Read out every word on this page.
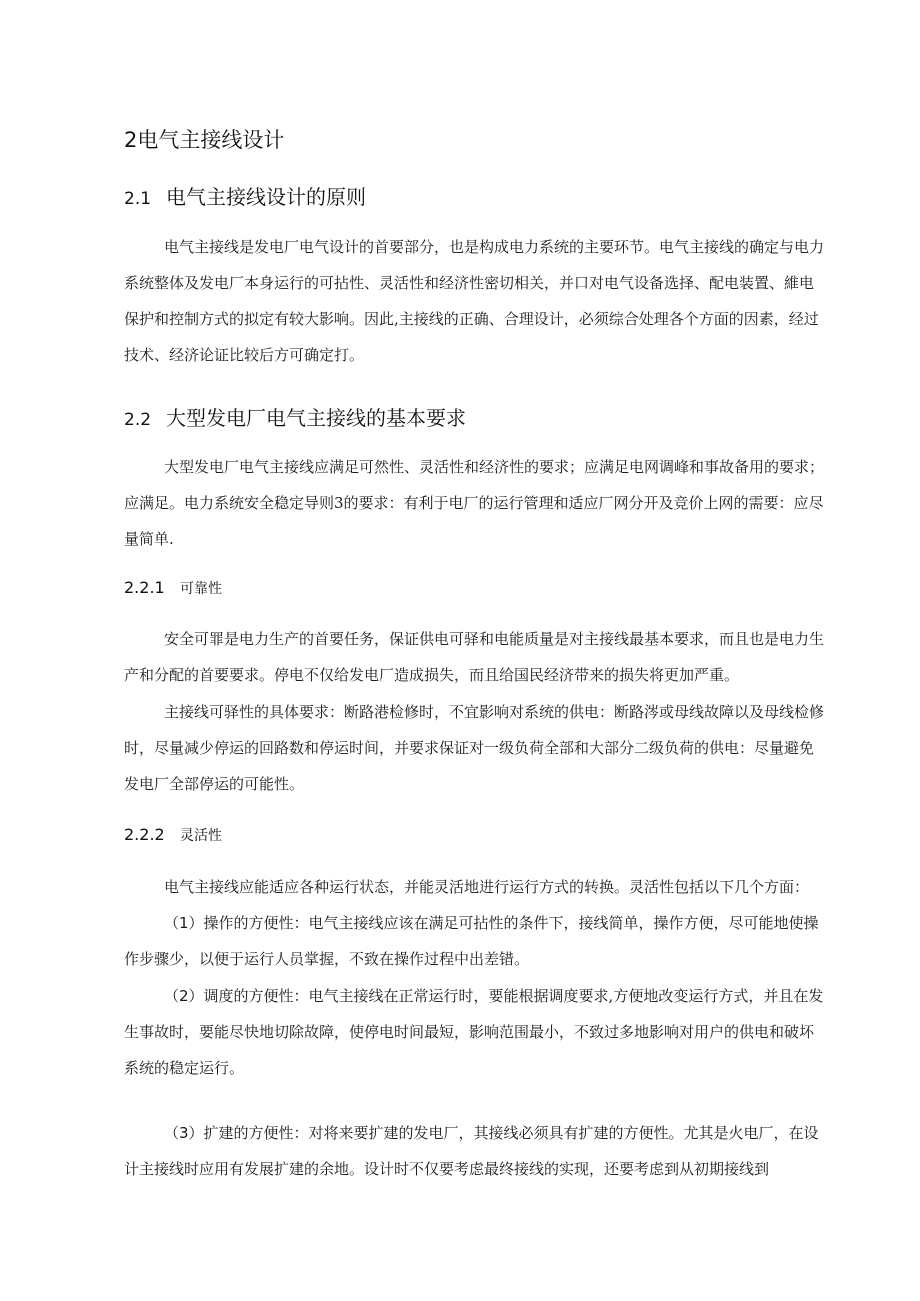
2电气主接线设计
2.1 电气主接线设计的原则

电气主接线是发电厂电气设计的首要部分，也是构成电力系统的主要环节。电气主接线的确定与电力系统整体及发电厂本身运行的可拈性、灵活性和经济性密切相关，并口对电气设备选择、配电装置、維电保护和控制方式的拟定有较大影响。因此,主接线的正确、合理设计，必须综合处理各个方面的因素，经过技术、经济论证比较后方可确定打。

2.2 大型发电厂电气主接线的基本要求

大型发电厂电气主接线应满足可然性、灵活性和经济性的要求；应满足电网调峰和事故备用的要求；应满足。电力系统安全稳定导则3的要求：有利于电厂的运行管理和适应厂网分开及竞价上网的需要：应尽量简单.

2.2.1 可靠性

安全可罪是电力生产的首要任务，保证供电可驿和电能质量是对主接线最基本要求，而且也是电力生产和分配的首要要求。停电不仅给发电厂造成损失，而且给国民经济带来的损失将更加严重。

主接线可驿性的具体要求：断路港检修时，不宜影响对系统的供电：断路涔或母线故障以及母线检修时，尽量减少停运的回路数和停运时间，并要求保证对一级负荷全部和大部分二级负荷的供电：尽量避免发电厂全部停运的可能性。

2.2.2 灵活性

电气主接线应能适应各种运行状态，并能灵活地进行运行方式的转换。灵活性包括以下几个方面：

（1）操作的方便性：电气主接线应该在满足可拈性的条件下，接线简单，操作方便，尽可能地使操作步骤少，以便于运行人员掌握，不致在操作过程中出差错。

（2）调度的方便性：电气主接线在正常运行时，要能根据调度要求,方便地改变运行方式，并且在发生事故时，要能尽快地切除故障，使停电时间最短，影响范围最小，不致过多地影响对用户的供电和破坏系统的稳定运行。

（3）扩建的方便性：对将来要扩建的发电厂，其接线必须具有扩建的方便性。尤其是火电厂，在设计主接线时应用有发展扩建的余地。设计时不仅要考虑最终接线的实现，还要考虑到从初期接线到
